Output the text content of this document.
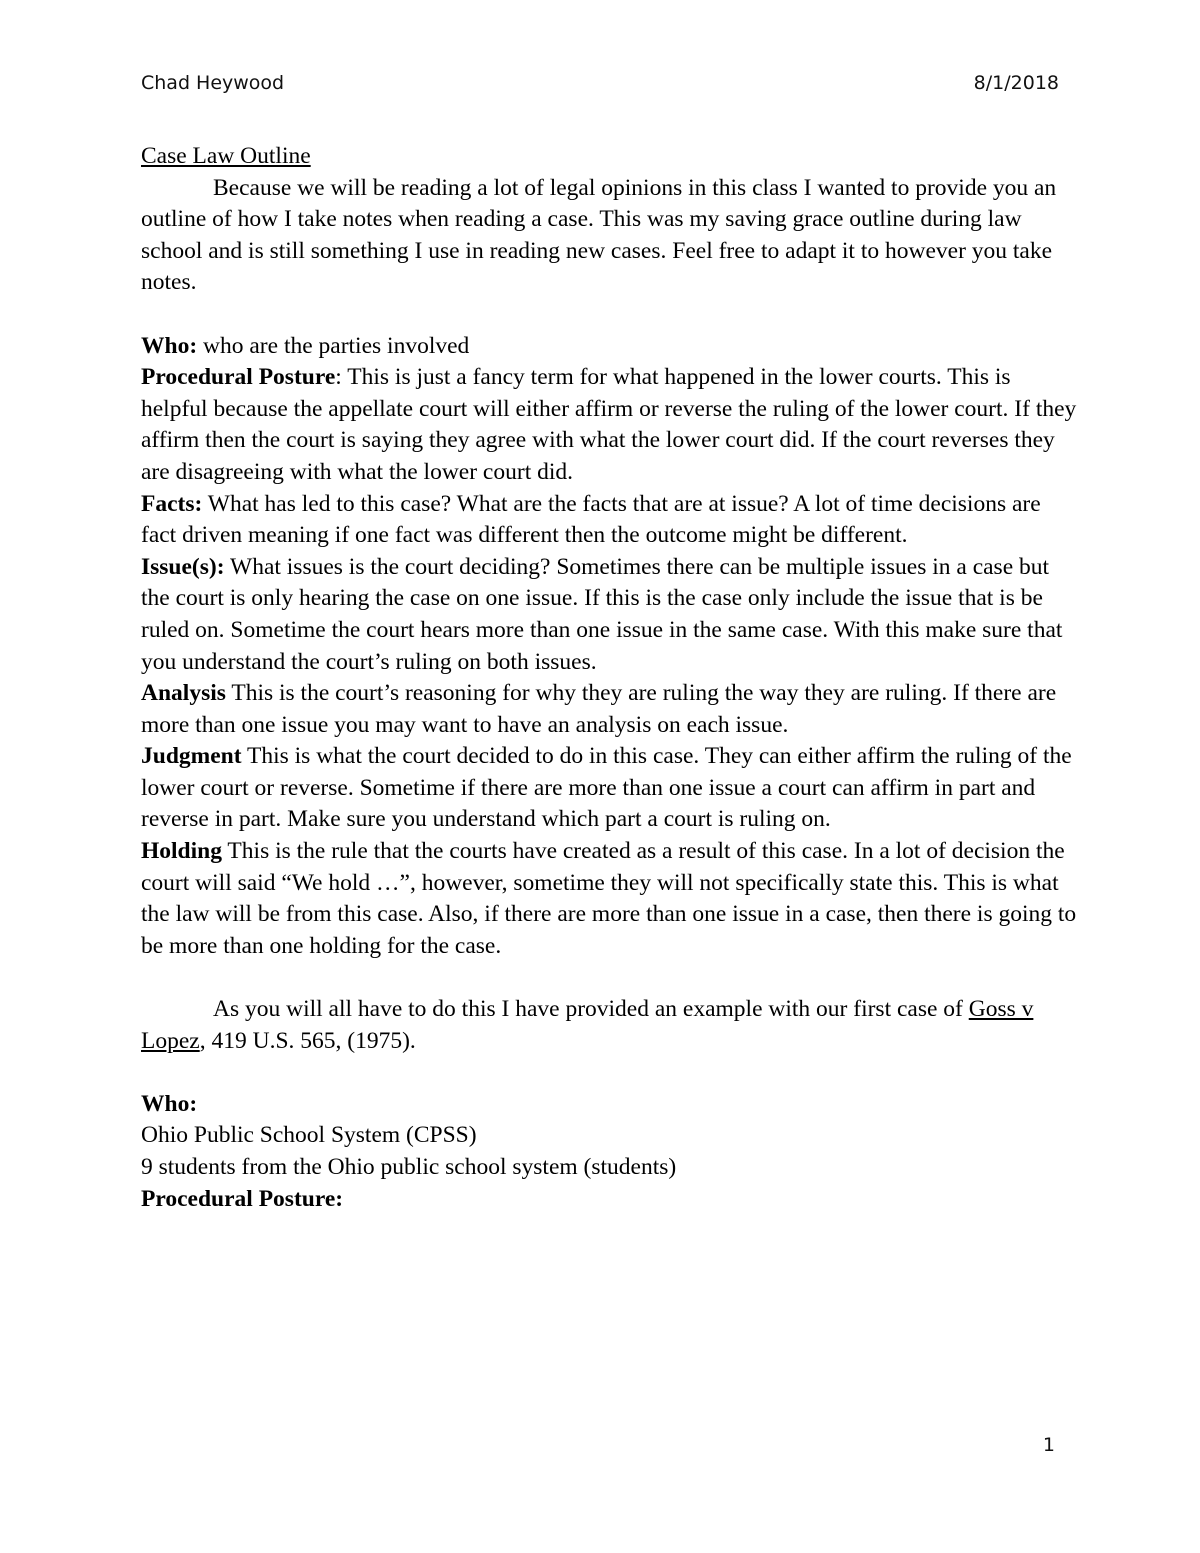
Chad Heywood	8/1/2018

Case Law Outline

Because we will be reading a lot of legal opinions in this class I wanted to provide you an outline of how I take notes when reading a case. This was my saving grace outline during law school and is still something I use in reading new cases. Feel free to adapt it to however you take notes.

Who: who are the parties involved

Procedural Posture: This is just a fancy term for what happened in the lower courts. This is helpful because the appellate court will either affirm or reverse the ruling of the lower court. If they affirm then the court is saying they agree with what the lower court did. If the court reverses they are disagreeing with what the lower court did.

Facts: What has led to this case? What are the facts that are at issue? A lot of time decisions are fact driven meaning if one fact was different then the outcome might be different.

Issue(s): What issues is the court deciding? Sometimes there can be multiple issues in a case but the court is only hearing the case on one issue. If this is the case only include the issue that is be ruled on. Sometime the court hears more than one issue in the same case. With this make sure that you understand the court’s ruling on both issues.

Analysis This is the court’s reasoning for why they are ruling the way they are ruling. If there are more than one issue you may want to have an analysis on each issue.

Judgment This is what the court decided to do in this case. They can either affirm the ruling of the lower court or reverse. Sometime if there are more than one issue a court can affirm in part and reverse in part. Make sure you understand which part a court is ruling on.

Holding This is the rule that the courts have created as a result of this case. In a lot of decision the court will said “We hold …”, however, sometime they will not specifically state this. This is what the law will be from this case. Also, if there are more than one issue in a case, then there is going to be more than one holding for the case.

As you will all have to do this I have provided an example with our first case of Goss v Lopez, 419 U.S. 565, (1975).

Who:

Ohio Public School System (CPSS)

9 students from the Ohio public school system (students)

Procedural Posture:

1
